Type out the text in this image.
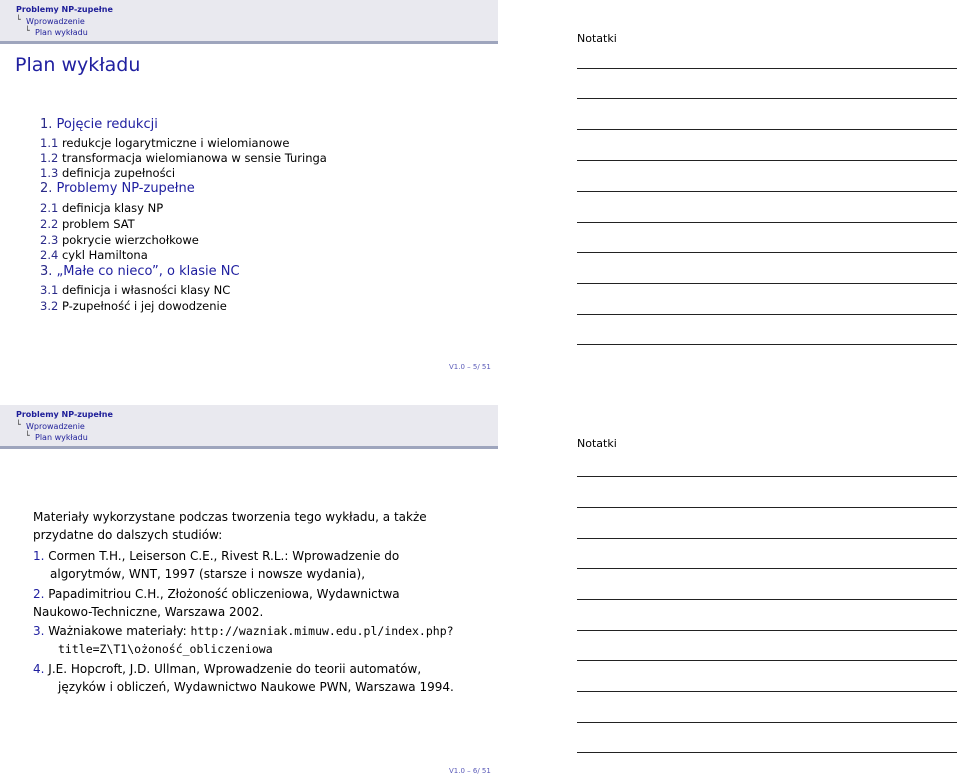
Problemy NP-zupełne
└ Wprowadzenie
└ Plan wykładu
Plan wykładu
1. Pojęcie redukcji
1.1 redukcje logarytmiczne i wielomianowe
1.2 transformacja wielomianowa w sensie Turinga
1.3 definicja zupełności
2. Problemy NP-zupełne
2.1 definicja klasy NP
2.2 problem SAT
2.3 pokrycie wierzchołkowe
2.4 cykl Hamiltona
3. „Małe co nieco”, o klasie NC
3.1 definicja i własności klasy NC
3.2 P-zupełność i jej dowodzenie
V1.0 – 5/ 51
Notatki
Problemy NP-zupełne
└ Wprowadzenie
└ Plan wykładu

Materiały wykorzystane podczas tworzenia tego wykładu, a także przydatne do dalszych studiów:

1. Cormen T.H., Leiserson C.E., Rivest R.L.: Wprowadzenie do
algorytmów, WNT, 1997 (starsze i nowsze wydania),
2. Papadimitriou C.H., Złożoność obliczeniowa, Wydawnictwa
Naukowo-Techniczne, Warszawa 2002.
3. Ważniakowe materiały: http://wazniak.mimuw.edu.pl/index.php?
title=Z\T1\ożoność_obliczeniowa
4. J.E. Hopcroft, J.D. Ullman, Wprowadzenie do teorii automatów,
języków i obliczeń, Wydawnictwo Naukowe PWN, Warszawa 1994.
V1.0 – 6/ 51
Notatki
